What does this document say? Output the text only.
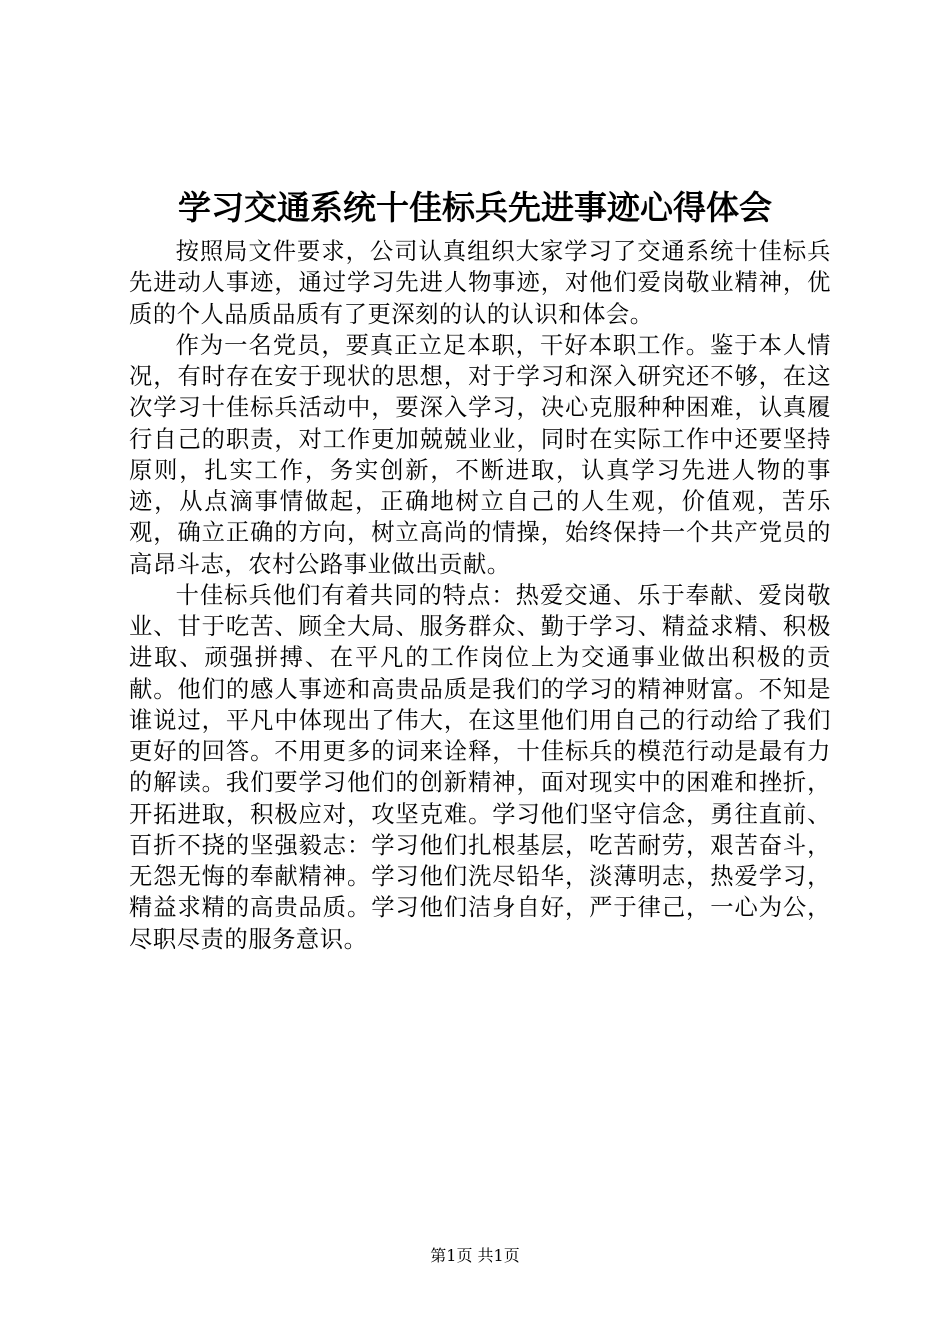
学习交通系统十佳标兵先进事迹心得体会

按照局文件要求，公司认真组织大家学习了交通系统十佳标兵先进动人事迹，通过学习先进人物事迹，对他们爱岗敬业精神，优质的个人品质品质有了更深刻的认的认识和体会。

作为一名党员，要真正立足本职，干好本职工作。鉴于本人情况，有时存在安于现状的思想，对于学习和深入研究还不够，在这次学习十佳标兵活动中，要深入学习，决心克服种种困难，认真履行自己的职责，对工作更加兢兢业业，同时在实际工作中还要坚持原则，扎实工作，务实创新，不断进取，认真学习先进人物的事迹，从点滴事情做起，正确地树立自己的人生观，价值观，苦乐观，确立正确的方向，树立高尚的情操，始终保持一个共产党员的高昂斗志，农村公路事业做出贡献。

十佳标兵他们有着共同的特点：热爱交通、乐于奉献、爱岗敬业、甘于吃苦、顾全大局、服务群众、勤于学习、精益求精、积极进取、顽强拼搏、在平凡的工作岗位上为交通事业做出积极的贡献。他们的感人事迹和高贵品质是我们的学习的精神财富。不知是谁说过，平凡中体现出了伟大，在这里他们用自己的行动给了我们更好的回答。不用更多的词来诠释，十佳标兵的模范行动是最有力的解读。我们要学习他们的创新精神，面对现实中的困难和挫折，开拓进取，积极应对，攻坚克难。学习他们坚守信念，勇往直前、百折不挠的坚强毅志：学习他们扎根基层，吃苦耐劳，艰苦奋斗，无怨无悔的奉献精神。学习他们洗尽铅华，淡薄明志，热爱学习，精益求精的高贵品质。学习他们洁身自好，严于律己，一心为公，尽职尽责的服务意识。

第1页 共1页
